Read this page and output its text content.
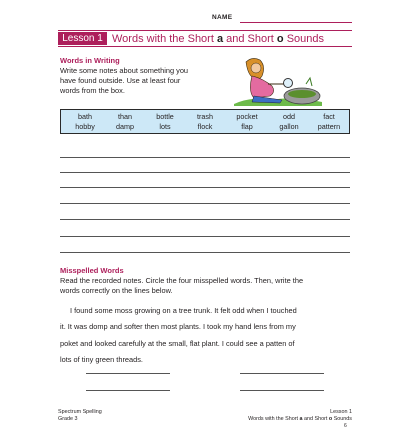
NAME
Lesson 1 Words with the Short a and Short o Sounds
Words in Writing
Write some notes about something you
have found outside. Use at least four
words from the box.
bath	than	bottle	trash	pocket	odd	fact
hobby	damp	lots	flock	flap	gallon	pattern
Misspelled Words
Read the recorded notes. Circle the four misspelled words. Then, write the
words correctly on the lines below.
I found some moss growing on a tree trunk. It felt odd when I touched
it. It was domp and softer then most plants. I took my hand lens from my
poket and looked carefully at the small, flat plant. I could see a patten of
lots of tiny green threads.
Spectrum Spelling
Grade 3
Lesson 1
Words with the Short a and Short o Sounds
6
